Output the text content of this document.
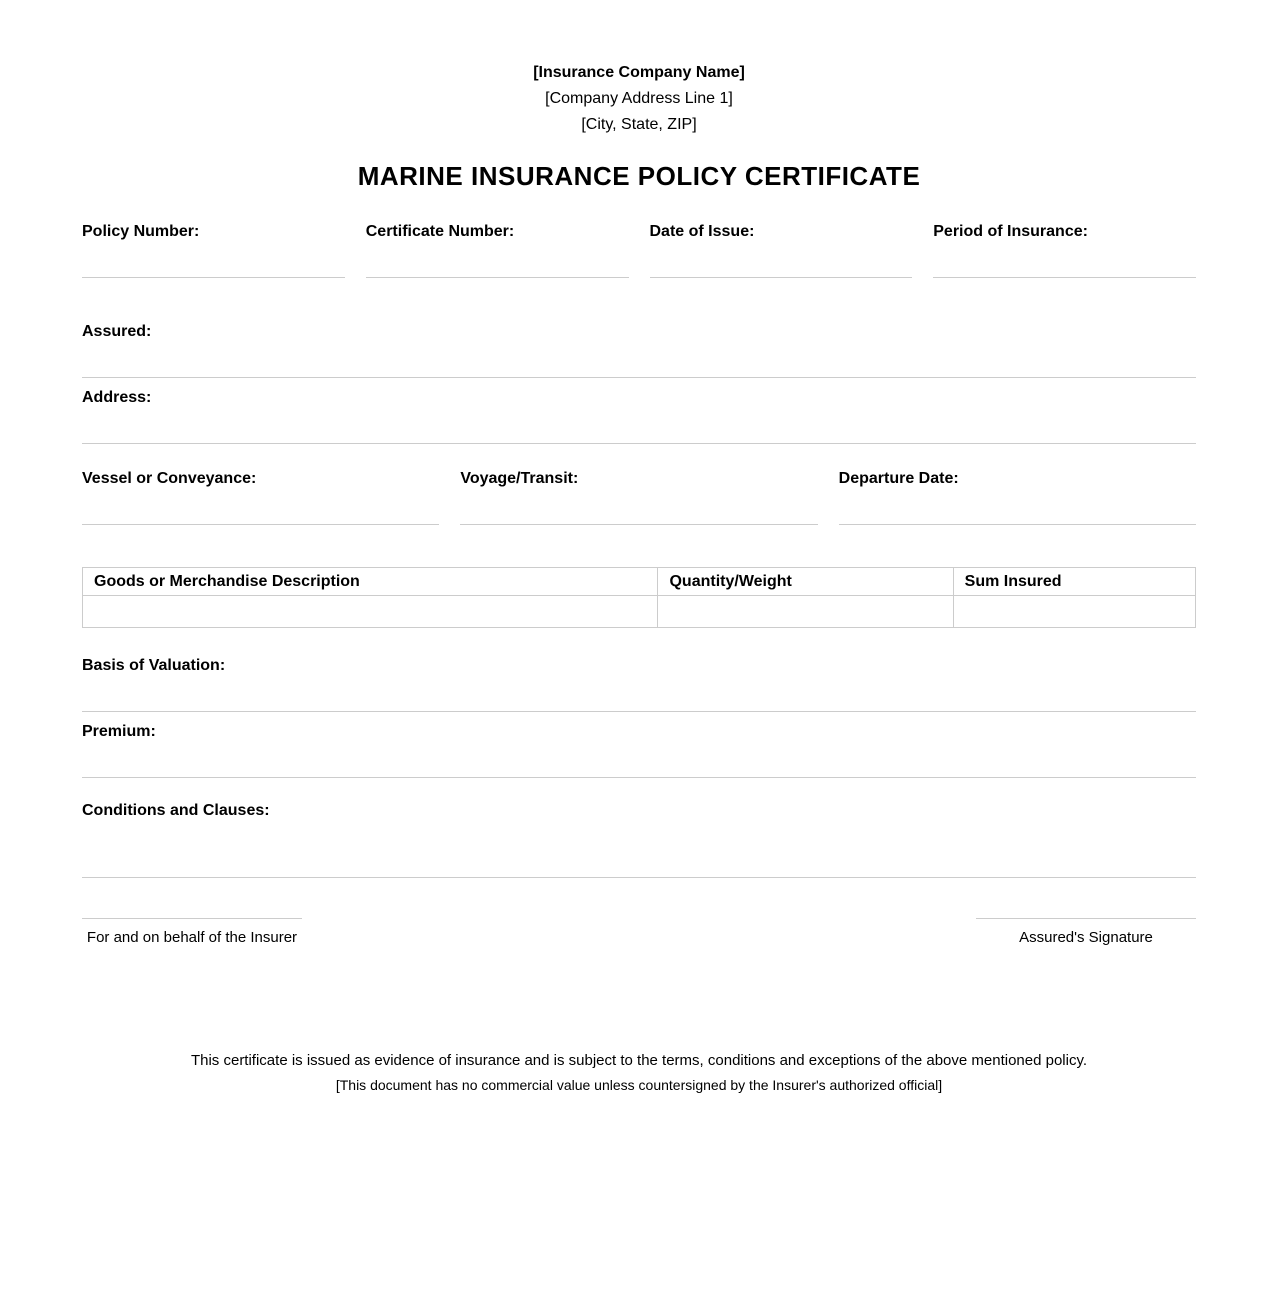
[Insurance Company Name]
[Company Address Line 1]
[City, State, ZIP]
MARINE INSURANCE POLICY CERTIFICATE
Policy Number:	Certificate Number:	Date of Issue:	Period of Insurance:
Assured:
Address:
Vessel or Conveyance:	Voyage/Transit:	Departure Date:
Goods or Merchandise Description	Quantity/Weight	Sum Insured

Basis of Valuation:
Premium:
Conditions and Clauses:
For and on behalf of the Insurer	Assured's Signature
This certificate is issued as evidence of insurance and is subject to the terms, conditions and exceptions of the above mentioned policy.
[This document has no commercial value unless countersigned by the Insurer's authorized official]
